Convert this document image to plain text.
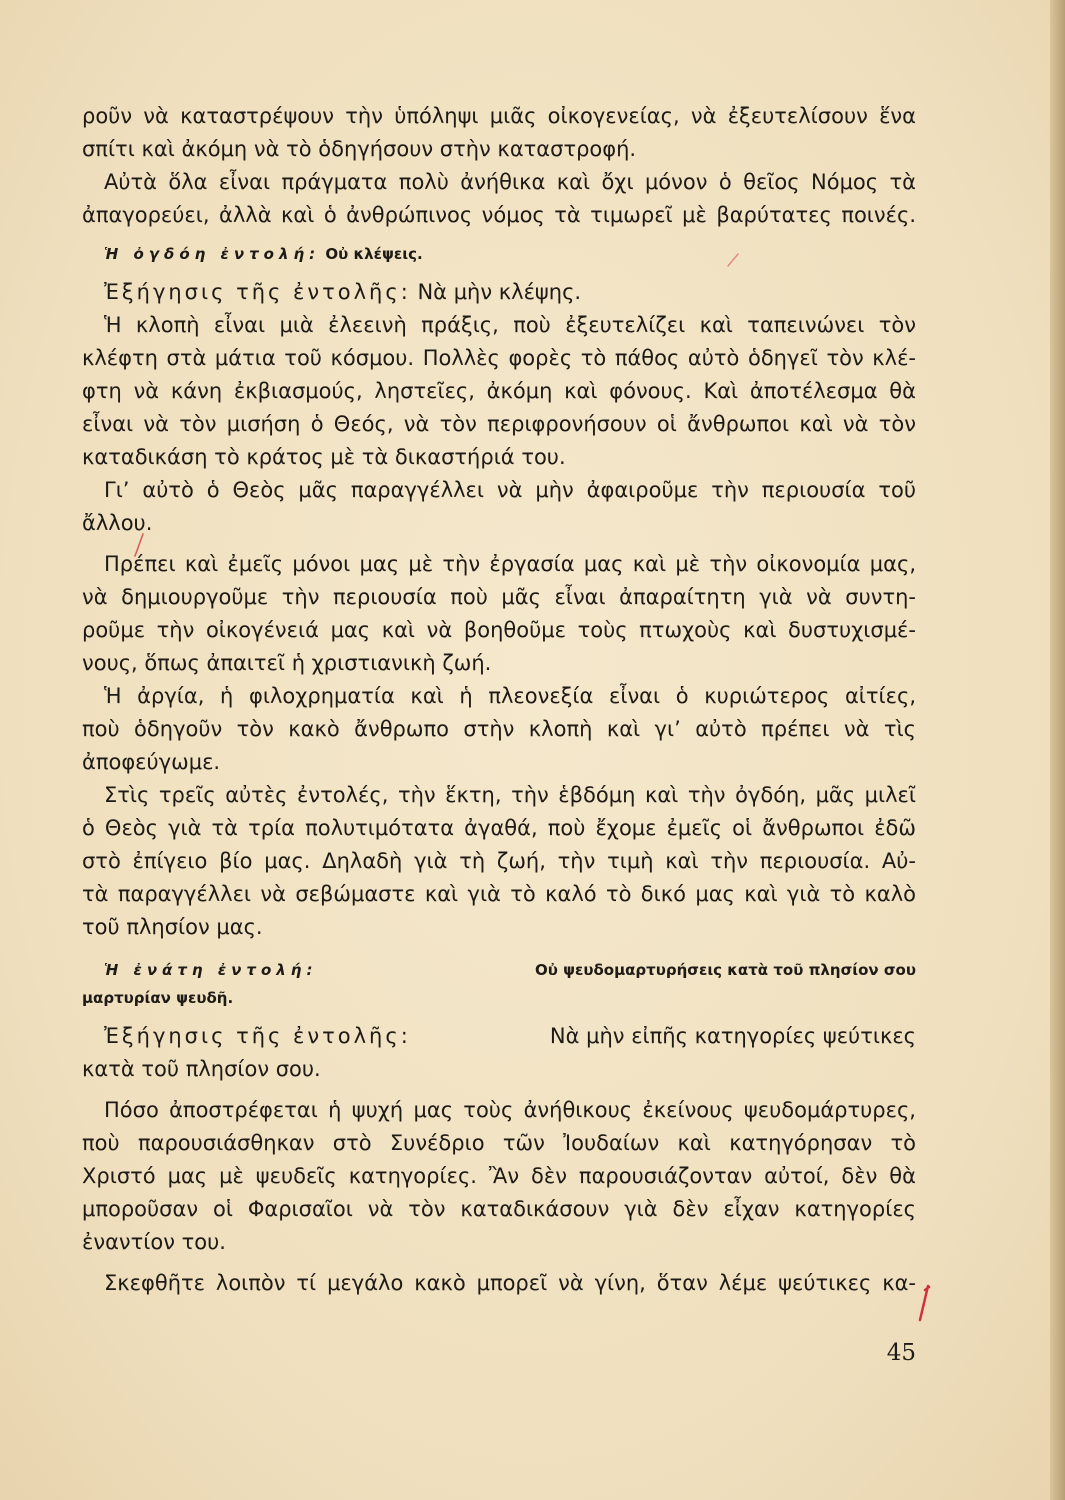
ροῦν νὰ καταστρέψουν τὴν ὑπόληψι μιᾶς οἰκογενείας, νὰ ἐξευτελίσουν ἕνα
σπίτι καὶ ἀκόμη νὰ τὸ ὁδηγήσουν στὴν καταστροφή.
Αὐτὰ ὅλα εἶναι πράγματα πολὺ ἀνήθικα καὶ ὄχι μόνον ὁ θεῖος Νόμος τὰ
ἀπαγορεύει, ἀλλὰ καὶ ὁ ἀνθρώπινος νόμος τὰ τιμωρεῖ μὲ βαρύτατες ποινές.
Ἡ ὀγδόη ἐντολή: Οὐ κλέψεις.
Ἐξήγησις τῆς ἐντολῆς: Νὰ μὴν κλέψης.
Ἡ κλοπὴ εἶναι μιὰ ἐλεεινὴ πράξις, ποὺ ἐξευτελίζει καὶ ταπεινώνει τὸν
κλέφτη στὰ μάτια τοῦ κόσμου. Πολλὲς φορὲς τὸ πάθος αὐτὸ ὁδηγεῖ τὸν κλέ-
φτη νὰ κάνη ἐκβιασμούς, ληστεῖες, ἀκόμη καὶ φόνους. Καὶ ἀποτέλεσμα θὰ
εἶναι νὰ τὸν μισήση ὁ Θεός, νὰ τὸν περιφρονήσουν οἱ ἄνθρωποι καὶ νὰ τὸν
καταδικάση τὸ κράτος μὲ τὰ δικαστήριά του.
Γι’ αὐτὸ ὁ Θεὸς μᾶς παραγγέλλει νὰ μὴν ἀφαιροῦμε τὴν περιουσία τοῦ
ἄλλου.
Πρέπει καὶ ἐμεῖς μόνοι μας μὲ τὴν ἐργασία μας καὶ μὲ τὴν οἰκονομία μας,
νὰ δημιουργοῦμε τὴν περιουσία ποὺ μᾶς εἶναι ἀπαραίτητη γιὰ νὰ συντη-
ροῦμε τὴν οἰκογένειά μας καὶ νὰ βοηθοῦμε τοὺς πτωχοὺς καὶ δυστυχισμέ-
νους, ὅπως ἀπαιτεῖ ἡ χριστιανικὴ ζωή.
Ἡ ἀργία, ἡ φιλοχρηματία καὶ ἡ πλεονεξία εἶναι ὁ κυριώτερος αἰτίες,
ποὺ ὁδηγοῦν τὸν κακὸ ἄνθρωπο στὴν κλοπὴ καὶ γι’ αὐτὸ πρέπει νὰ τὶς
ἀποφεύγωμε.
Στὶς τρεῖς αὐτὲς ἐντολές, τὴν ἕκτη, τὴν ἑβδόμη καὶ τὴν ὀγδόη, μᾶς μιλεῖ
ὁ Θεὸς γιὰ τὰ τρία πολυτιμότατα ἀγαθά, ποὺ ἔχομε ἐμεῖς οἱ ἄνθρωποι ἐδῶ
στὸ ἐπίγειο βίο μας. Δηλαδὴ γιὰ τὴ ζωή, τὴν τιμὴ καὶ τὴν περιουσία. Αὐ-
τὰ παραγγέλλει νὰ σεβώμαστε καὶ γιὰ τὸ καλό τὸ δικό μας καὶ γιὰ τὸ καλὸ
τοῦ πλησίον μας.
Ἡ ἐνάτη ἐντολή:	Οὐ ψευδομαρτυρήσεις κατὰ τοῦ πλησίον σου
μαρτυρίαν ψευδῆ.
Ἐξήγησις τῆς ἐντολῆς:	Νὰ μὴν εἰπῆς κατηγορίες ψεύτικες
κατὰ τοῦ πλησίον σου.
Πόσο ἀποστρέφεται ἡ ψυχή μας τοὺς ἀνήθικους ἐκείνους ψευδομάρτυρες,
ποὺ παρουσιάσθηκαν στὸ Συνέδριο τῶν Ἰουδαίων καὶ κατηγόρησαν τὸ
Χριστό μας μὲ ψευδεῖς κατηγορίες. Ἂν δὲν παρουσιάζονταν αὐτοί, δὲν θὰ
μποροῦσαν οἱ Φαρισαῖοι νὰ τὸν καταδικάσουν γιὰ δὲν εἶχαν κατηγορίες
ἐναντίον του.
Σκεφθῆτε λοιπὸν τί μεγάλο κακὸ μπορεῖ νὰ γίνη, ὅταν λέμε ψεύτικες κα-
45
